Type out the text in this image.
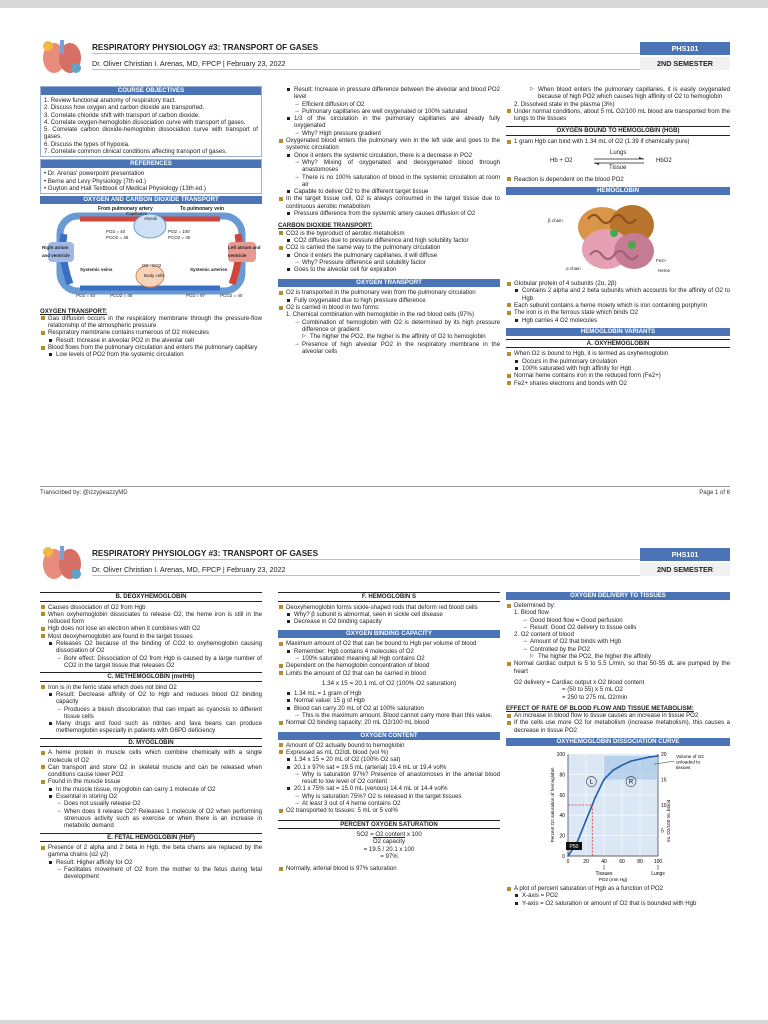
RESPIRATORY PHYSIOLOGY #3: TRANSPORT OF GASES
Dr. Oliver Christian I. Arenas, MD, FPCP | February 23, 2022
PHS101
2ND SEMESTER
COURSE OBJECTIVES
1. Review functional anatomy of respiratory tract.
2. Discuss how oxygen and carbon dioxide are transported.
3. Correlate chloride shift with transport of carbon dioxide.
4. Correlate oxygen-hemoglobin dissociation curve with transport of gases.
5. Correlate carbon dioxide-hemoglobin dissociation curve with transport of gases.
6. Discuss the types of hypoxia.
7. Correlate common clinical conditions affecting transport of gases.
REFERENCES
• Dr. Arenas' powerpoint presentation
• Berne and Levy Physiology (7th ed.)
• Guyton and Hall Textbook of Medical Physiology (13th ed.)
OXYGEN AND CARBON DIOXIDE TRANSPORT
From pulmonary artery	To pulmonary vein
Alveoli
Capillaries
PO2 = 40
PCO2 = 46
PO2 = 100
PCO2 = 40
Right atrium and ventricle
Left atrium and ventricle
Systemic veins	Systemic arteries
Body cells
O2 CO2
PO2 = 40	PCO2 = 46	PO2 = 97	PCO2 = 40
OXYGEN TRANSPORT:
Gas diffusion occurs in the respiratory membrane through the pressure-flow relationship of the atmospheric pressure
Respiratory membrane contains numerous of O2 molecules
Result: Increase in alveolar PO2 in the alveolar cell
Blood flows from the pulmonary circulation and enters the pulmonary capillary
Low levels of PO2 from the systemic circulation
Result: Increase in pressure difference between the alveolar and blood PO2 level
→ Efficient diffusion of O2
→ Pulmonary capillaries are well oxygenated or 100% saturated
1/3 of the circulation in the pulmonary capillaries are already fully oxygenated
→ Why? High pressure gradient
Oxygenated blood enters the pulmonary vein in the left side and goes to the systemic circulation
Once it enters the systemic circulation, there is a decrease in PO2
→ Why? Mixing of oxygenated and deoxygenated blood through anastomoses
→ There is no 100% saturation of blood in the systemic circulation at room air
Capable to deliver O2 to the different target tissue
In the target tissue cell, O2 is always consumed in the target tissue due to continuous aerobic metabolism
Pressure difference from the systemic artery causes diffusion of O2
CARBON DIOXIDE TRANSPORT:
CO2 is the byproduct of aerobic metabolism
CO2 diffuses due to pressure difference and high solubility factor
CO2 is carried the same way to the pulmonary circulation
Once it enters the pulmonary capillaries, it will diffuse
→ Why? Pressure difference and solubility factor
Goes to the alveolar cell for expiration
OXYGEN TRANSPORT
O2 is transported in the pulmonary vein from the pulmonary circulation
Fully oxygenated due to high pressure difference
O2 is carried in blood in two forms:
1. Chemical combination with hemoglobin in the red blood cells (97%)
→ Combination of hemoglobin with O2 is determined by its high pressure difference or gradient
▷ The higher the PO2, the higher is the affinity of O2 to hemoglobin
→ Presence of high alveolar PO2 in the respiratory membrane in the alveolar cells
▷ When blood enters the pulmonary capillaries, it is easily oxygenated because of high PO2 which causes high affinity of O2 to hemoglobin
2. Dissolved state in the plasma (3%)
Under normal conditions, about 5 mL O2/100 mL blood are transported from the lungs to the tissues
OXYGEN BOUND TO HEMOGLOBIN (HGB)
1 gram Hgb can bind with 1.34 mL of O2 (1.39 if chemically pure)
Hb + O2
Lungs
Tissue
HbO2
Reaction is dependent on the blood PO2
HEMOGLOBIN
β chain
α chain	Heme
Fe2+
Globular protein of 4 subunits (2α, 2β)
Contains 2 alpha and 2 beta subunits which accounts for the affinity of O2 to Hgb
Each subunit contains a heme moiety which is iron containing porphyrin
The iron is in the ferrous state which binds O2
Hgb carries 4 O2 molecules
HEMOGLOBIN VARIANTS
A. OXYHEMOGLOBIN
When O2 is bound to Hgb, it is termed as oxyhemoglobin
Occurs in the pulmonary circulation
100% saturated with high affinity for Hgb
Normal heme contains iron in the reduced form (Fe2+)
Fe2+ shares electrons and bonds with O2
Transcribed by: @izzypeazzyMD	Page 1 of 6
RESPIRATORY PHYSIOLOGY #3: TRANSPORT OF GASES
Dr. Oliver Christian I. Arenas, MD, FPCP | February 23, 2022
PHS101
2ND SEMESTER
B. DEOXYHEMOGLOBIN
Causes dissociation of O2 from Hgb
When oxyhemoglobin dissociates to release O2, the heme iron is still in the reduced form
Hgb does not lose an electron when it combines with O2
Most deoxyhemoglobin are found in the target tissues
Releases O2 because of the binding of CO2 to oxyhemoglobin causing dissociation of O2
→ Bohr effect: Dissociation of O2 from Hgb is caused by a large number of CO2 in the target tissue that releases O2
C. METHEMOGLOBIN (metHb)
Iron is in the ferric state which does not bind O2
Result: Decrease affinity of O2 to Hgb and reduces blood O2 binding capacity
→ Produces a bluish discoloration that can impart as cyanosis to different tissue cells
Many drugs and food such as nitrites and fava beans can produce methemoglobin especially in patients with G6PD deficiency
D. MYOGLOBIN
A heme protein in muscle cells which combine chemically with a single molecule of O2
Can transport and store O2 in skeletal muscle and can be released when conditions cause lower PO2
Found in the muscle tissue
In the muscle tissue, myoglobin can carry 1 molecule of O2
Essential in storing O2
→ Does not usually release O2
→ When does it release O2? Releases 1 molecule of O2 when performing strenuous activity such as exercise or when there is an increase in metabolic demand
E. FETAL HEMOGLOBIN (HbF)
Presence of 2 alpha and 2 beta in Hgb, the beta chains are replaced by the gamma chains (α2 γ2)
Result: Higher affinity for O2
→ Facilitates movement of O2 from the mother to the fetus during fetal development
F. HEMOGLOBIN S
Deoxyhemoglobin forms sickle-shaped rods that deform red blood cells
Why? β subunit is abnormal, seen in sickle cell disease
Decrease in O2 binding capacity
OXYGEN BINDING CAPACITY
Maximum amount of O2 that can be bound to Hgb per volume of blood
Remember: Hgb contains 4 molecules of O2
→ 100% saturated meaning all Hgb contains O2
Dependent on the hemoglobin concentration of blood
Limits the amount of O2 that can be carried in blood
1.34 x 15 = 20.1 mL of O2 (100% O2 saturation)
1.34 mL = 1 gram of Hgb
Normal value: 15 g of Hgb
Blood can carry 20 mL of O2 at 100% saturation
→ This is the maximum amount. Blood cannot carry more than this value.
Normal O2 binding capacity: 20 mL O2/100 mL blood
OXYGEN CONTENT
Amount of O2 actually bound to hemoglobin
Expressed as mL O2/dL blood (vol %)
1.34 x 15 = 20 mL of O2 (100% O2 sat)
20.1 x 97% sat = 19.5 mL (arterial) 19.4 mL or 19.4 vol%
→ Why is saturation 97%? Presence of anastomoses in the arterial blood result to low level of O2 content
20.1 x 75% sat = 15.0 mL (venous) 14.4 mL or 14.4 vol%
→ Why is saturation 75%? O2 is released in the target tissues
→ At least 3 out of 4 heme contains O2
O2 transported to tissues: 5 mL or 5 vol%
PERCENT OXYGEN SATURATION
SO2 = O2 content x 100
O2 capacity
= 19.5 / 20.1 x 100
= 97%
Normally, arterial blood is 97% saturation
OXYGEN DELIVERY TO TISSUES
Determined by:
1. Blood flow
→ Good blood flow = Good perfusion
→ Result: Good O2 delivery to tissue cells
2. O2 content of blood
→ Amount of O2 that binds with Hgb
→ Controlled by the PO2
▷ The higher the PO2, the higher the affinity
Normal cardiac output is 5 to 5.5 L/min, so that 50-55 dL are pumped by the heart
O2 delivery = Cardiac output x O2 blood content
= (50 to 55) x 5 mL O2
= 250 to 275 mL O2/min
EFFECT OF RATE OF BLOOD FLOW AND TISSUE METABOLISM:
An increase in blood flow to tissue causes an increase in tissue PO2
If the cells use more O2 for metabolism (increase metabolism), this causes a decrease in tissue PO2
OXYHEMOGLOBIN DISSOCIATION CURVE
0
20
40
60
80
100
0	20 40 60 80 100
5
10
15
20
P50
L	R
Volume of O2 unloaded to tissues
Tissues	Lungs
PO2 (mm Hg)
Percent O2 saturation of hemoglobin	mL O2/100 mL blood
A plot of percent saturation of Hgb as a function of PO2
X-axis = PO2
Y-axis = O2 saturation or amount of O2 that is bounded with Hgb
